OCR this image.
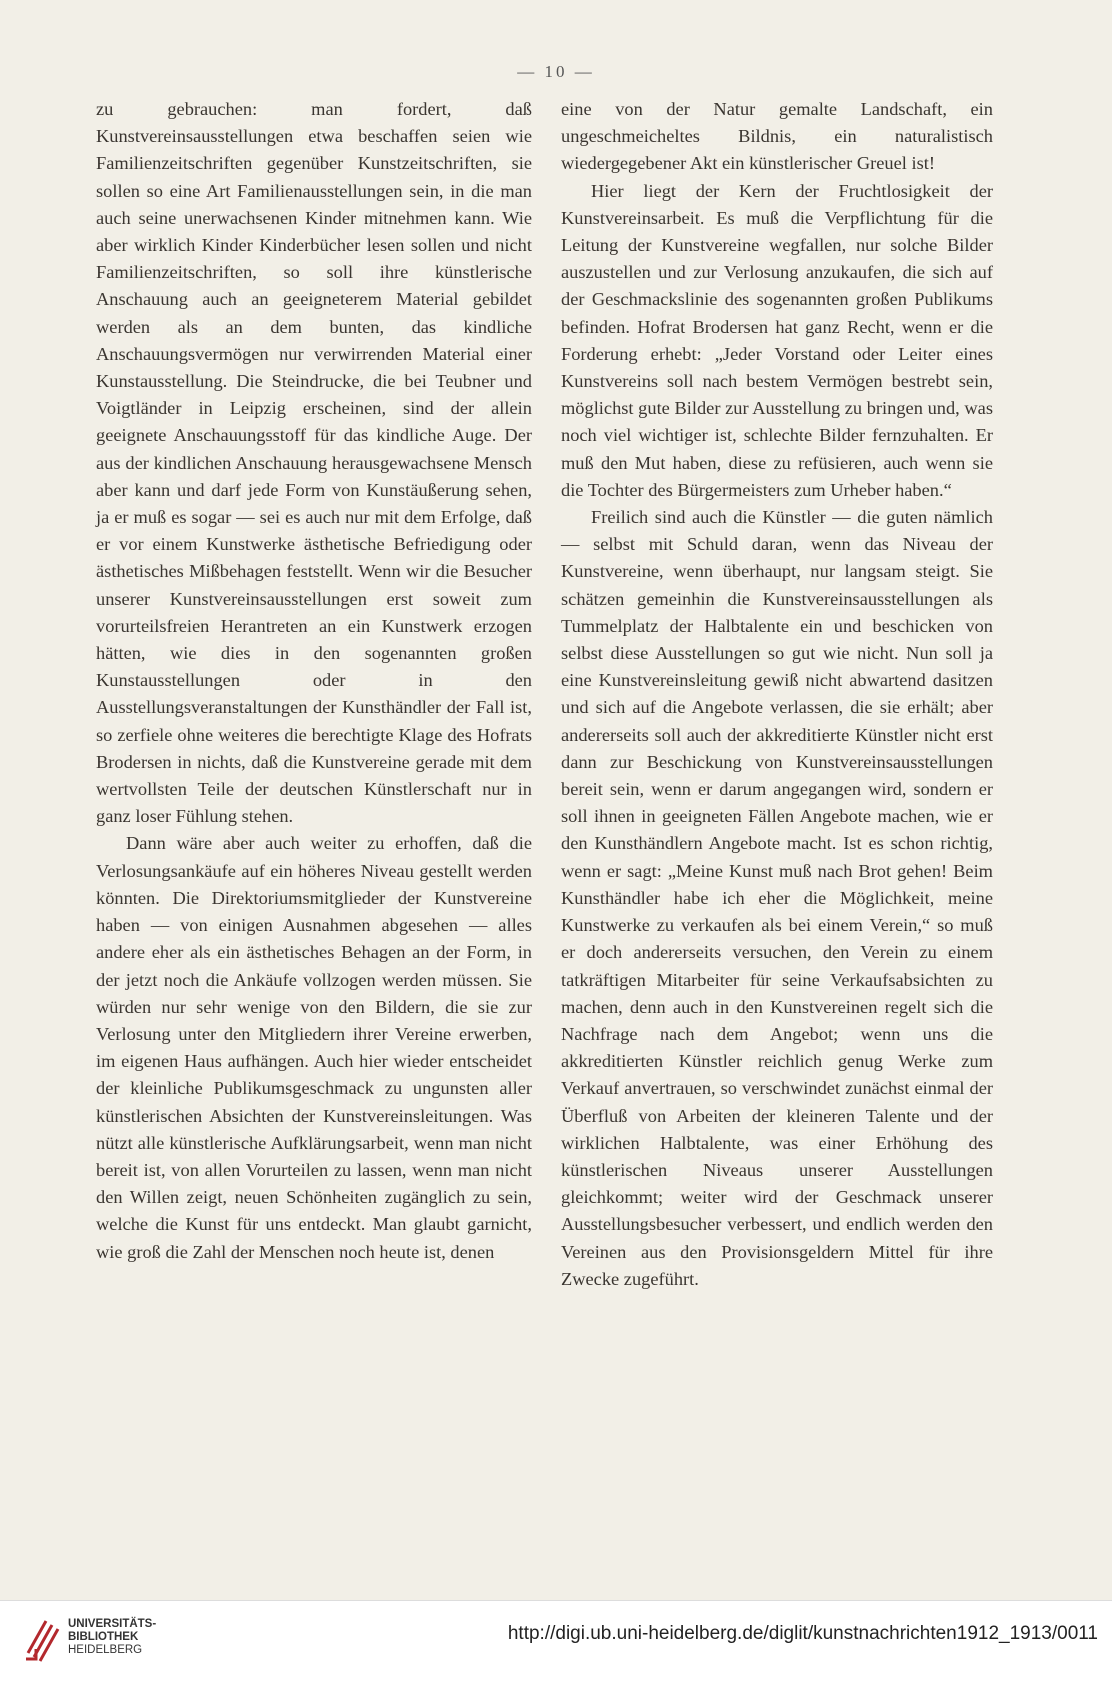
— 10 —

zu gebrauchen: man fordert, daß Kunstvereinsausstellungen etwa beschaffen seien wie Familienzeitschriften gegenüber Kunstzeitschriften, sie sollen so eine Art Familienausstellungen sein, in die man auch seine unerwachsenen Kinder mitnehmen kann. Wie aber wirklich Kinder Kinderbücher lesen sollen und nicht Familienzeitschriften, so soll ihre künstlerische Anschauung auch an geeigneterem Material gebildet werden als an dem bunten, das kindliche Anschauungsvermögen nur verwirrenden Material einer Kunstausstellung. Die Steindrucke, die bei Teubner und Voigtländer in Leipzig erscheinen, sind der allein geeignete Anschauungsstoff für das kindliche Auge. Der aus der kindlichen Anschauung herausgewachsene Mensch aber kann und darf jede Form von Kunstäußerung sehen, ja er muß es sogar — sei es auch nur mit dem Erfolge, daß er vor einem Kunstwerke ästhetische Befriedigung oder ästhetisches Mißbehagen feststellt. Wenn wir die Besucher unserer Kunstvereinsausstellungen erst soweit zum vorurteilsfreien Herantreten an ein Kunstwerk erzogen hätten, wie dies in den sogenannten großen Kunstausstellungen oder in den Ausstellungsveranstaltungen der Kunsthändler der Fall ist, so zerfiele ohne weiteres die berechtigte Klage des Hofrats Brodersen in nichts, daß die Kunstvereine gerade mit dem wertvollsten Teile der deutschen Künstlerschaft nur in ganz loser Fühlung stehen.

Dann wäre aber auch weiter zu erhoffen, daß die Verlosungsankäufe auf ein höheres Niveau gestellt werden könnten. Die Direktoriumsmitglieder der Kunstvereine haben — von einigen Ausnahmen abgesehen — alles andere eher als ein ästhetisches Behagen an der Form, in der jetzt noch die Ankäufe vollzogen werden müssen. Sie würden nur sehr wenige von den Bildern, die sie zur Verlosung unter den Mitgliedern ihrer Vereine erwerben, im eigenen Haus aufhängen. Auch hier wieder entscheidet der kleinliche Publikumsgeschmack zu ungunsten aller künstlerischen Absichten der Kunstvereinsleitungen. Was nützt alle künstlerische Aufklärungsarbeit, wenn man nicht bereit ist, von allen Vorurteilen zu lassen, wenn man nicht den Willen zeigt, neuen Schönheiten zugänglich zu sein, welche die Kunst für uns entdeckt. Man glaubt garnicht, wie groß die Zahl der Menschen noch heute ist, denen

eine von der Natur gemalte Landschaft, ein ungeschmeicheltes Bildnis, ein naturalistisch wiedergegebener Akt ein künstlerischer Greuel ist!

Hier liegt der Kern der Fruchtlosigkeit der Kunstvereinsarbeit. Es muß die Verpflichtung für die Leitung der Kunstvereine wegfallen, nur solche Bilder auszustellen und zur Verlosung anzukaufen, die sich auf der Geschmackslinie des sogenannten großen Publikums befinden. Hofrat Brodersen hat ganz Recht, wenn er die Forderung erhebt: „Jeder Vorstand oder Leiter eines Kunstvereins soll nach bestem Vermögen bestrebt sein, möglichst gute Bilder zur Ausstellung zu bringen und, was noch viel wichtiger ist, schlechte Bilder fernzuhalten. Er muß den Mut haben, diese zu refüsieren, auch wenn sie die Tochter des Bürgermeisters zum Urheber haben.“

Freilich sind auch die Künstler — die guten nämlich — selbst mit Schuld daran, wenn das Niveau der Kunstvereine, wenn überhaupt, nur langsam steigt. Sie schätzen gemeinhin die Kunstvereinsausstellungen als Tummelplatz der Halbtalente ein und beschicken von selbst diese Ausstellungen so gut wie nicht. Nun soll ja eine Kunstvereinsleitung gewiß nicht abwartend dasitzen und sich auf die Angebote verlassen, die sie erhält; aber andererseits soll auch der akkreditierte Künstler nicht erst dann zur Beschickung von Kunstvereinsausstellungen bereit sein, wenn er darum angegangen wird, sondern er soll ihnen in geeigneten Fällen Angebote machen, wie er den Kunsthändlern Angebote macht. Ist es schon richtig, wenn er sagt: „Meine Kunst muß nach Brot gehen! Beim Kunsthändler habe ich eher die Möglichkeit, meine Kunstwerke zu verkaufen als bei einem Verein,“ so muß er doch andererseits versuchen, den Verein zu einem tatkräftigen Mitarbeiter für seine Verkaufsabsichten zu machen, denn auch in den Kunstvereinen regelt sich die Nachfrage nach dem Angebot; wenn uns die akkreditierten Künstler reichlich genug Werke zum Verkauf anvertrauen, so verschwindet zunächst einmal der Überfluß von Arbeiten der kleineren Talente und der wirklichen Halbtalente, was einer Erhöhung des künstlerischen Niveaus unserer Ausstellungen gleichkommt; weiter wird der Geschmack unserer Ausstellungsbesucher verbessert, und endlich werden den Vereinen aus den Provisionsgeldern Mittel für ihre Zwecke zugeführt.

UNIVERSITÄTS-
BIBLIOTHEK
HEIDELBERG
http://digi.ub.uni-heidelberg.de/diglit/kunstnachrichten1912_1913/0011
